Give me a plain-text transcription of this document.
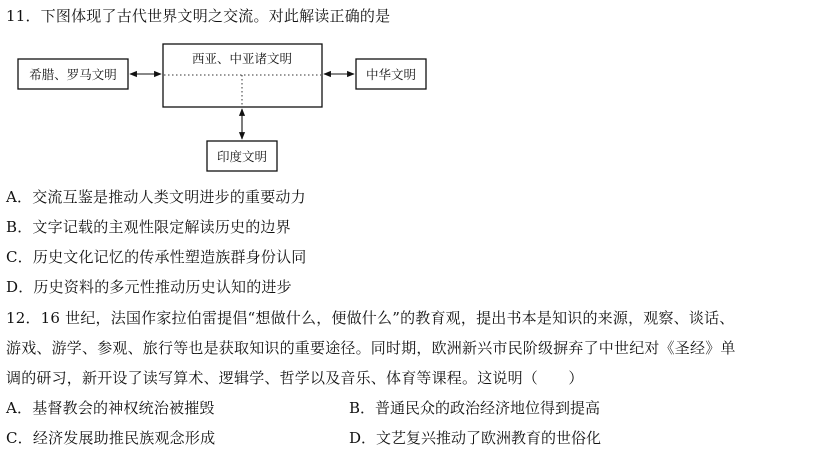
11．下图体现了古代世界文明之交流。对此解读正确的是
西亚、中亚诸文明
希腊、罗马文明	中华文明
印度文明
A．交流互鉴是推动人类文明进步的重要动力
B．文字记载的主观性限定解读历史的边界
C．历史文化记忆的传承性塑造族群身份认同
D．历史资料的多元性推动历史认知的进步
12．16 世纪，法国作家拉伯雷提倡“想做什么，便做什么”的教育观，提出书本是知识的来源，观察、谈话、
游戏、游学、参观、旅行等也是获取知识的重要途径。同时期，欧洲新兴市民阶级摒弃了中世纪对《圣经》单
调的研习，新开设了读写算术、逻辑学、哲学以及音乐、体育等课程。这说明（　　）
A．基督教会的神权统治被摧毁	B．普通民众的政治经济地位得到提高
C．经济发展助推民族观念形成	D．文艺复兴推动了欧洲教育的世俗化
